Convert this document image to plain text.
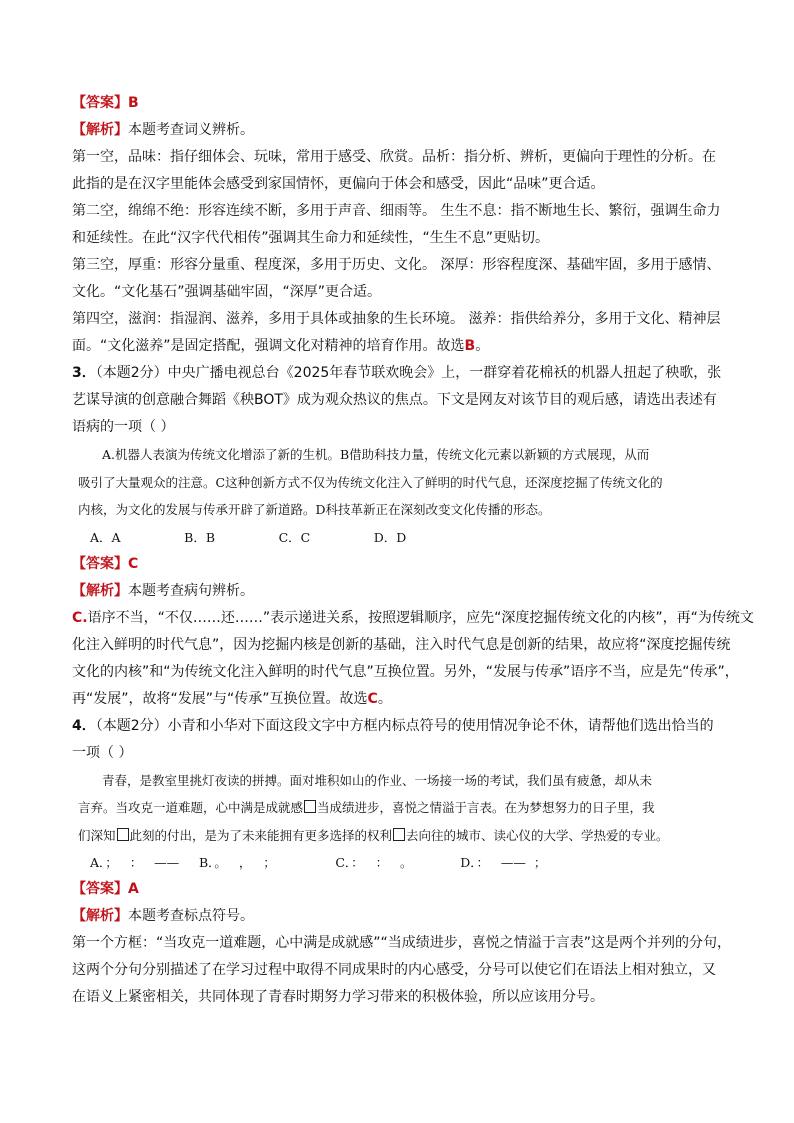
【答案】B
【解析】本题考查词义辨析。
第一空，品味：指仔细体会、玩味，常用于感受、欣赏。品析：指分析、辨析，更偏向于理性的分析。在
此指的是在汉字里能体会感受到家国情怀，更偏向于体会和感受，因此“品味”更合适。
第二空，绵绵不绝：形容连续不断，多用于声音、细雨等。 生生不息：指不断地生长、繁衍，强调生命力
和延续性。在此“汉字代代相传”强调其生命力和延续性，“生生不息”更贴切。
第三空，厚重：形容分量重、程度深，多用于历史、文化。 深厚：形容程度深、基础牢固，多用于感情、
文化。“文化基石”强调基础牢固，“深厚”更合适。
第四空，滋润：指湿润、滋养，多用于具体或抽象的生长环境。 滋养：指供给养分，多用于文化、精神层
面。“文化滋养”是固定搭配，强调文化对精神的培育作用。故选B。
3．（本题2分）中央广播电视总台《2025年春节联欢晚会》上，一群穿着花棉袄的机器人扭起了秧歌，张
艺谋导演的创意融合舞蹈《秧BOT》成为观众热议的焦点。下文是网友对该节目的观后感，请选出表述有
语病的一项（ ）
A.机器人表演为传统文化增添了新的生机。B借助科技力量，传统文化元素以新颖的方式展现，从而
吸引了大量观众的注意。C这种创新方式不仅为传统文化注入了鲜明的时代气息，还深度挖掘了传统文化的
内核，为文化的发展与传承开辟了新道路。D科技革新正在深刻改变文化传播的形态。
A．A                B．B                C．C                D．D
【答案】C
【解析】本题考查病句辨析。
C.语序不当，“不仅……还……”表示递进关系，按照逻辑顺序，应先“深度挖掘传统文化的内核”，再“为传统文
化注入鲜明的时代气息”，因为挖掘内核是创新的基础，注入时代气息是创新的结果，故应将“深度挖掘传统
文化的内核”和“为传统文化注入鲜明的时代气息”互换位置。另外，“发展与传承”语序不当，应是先“传承”，
再“发展”，故将“发展”与“传承”互换位置。故选C。
4．（本题2分）小青和小华对下面这段文字中方框内标点符号的使用情况争论不休，请帮他们选出恰当的
一项（ ）
青春，是教室里挑灯夜读的拼搏。面对堆积如山的作业、一场接一场的考试，我们虽有疲惫，却从未
言弃。当攻克一道难题，心中满是成就感 当成绩进步，喜悦之情溢于言表。在为梦想努力的日子里，我
们深知 此刻的付出，是为了未来能拥有更多选择的权利 去向往的城市、读心仪的大学、学热爱的专业。
A．；   ：   ——     B．。   ，   ；               C．：   ：   。            D．：   ——  ；
【答案】A
【解析】本题考查标点符号。
第一个方框：“当攻克一道难题，心中满是成就感”“当成绩进步，喜悦之情溢于言表”这是两个并列的分句，
这两个分句分别描述了在学习过程中取得不同成果时的内心感受，分号可以使它们在语法上相对独立，又
在语义上紧密相关，共同体现了青春时期努力学习带来的积极体验，所以应该用分号。
